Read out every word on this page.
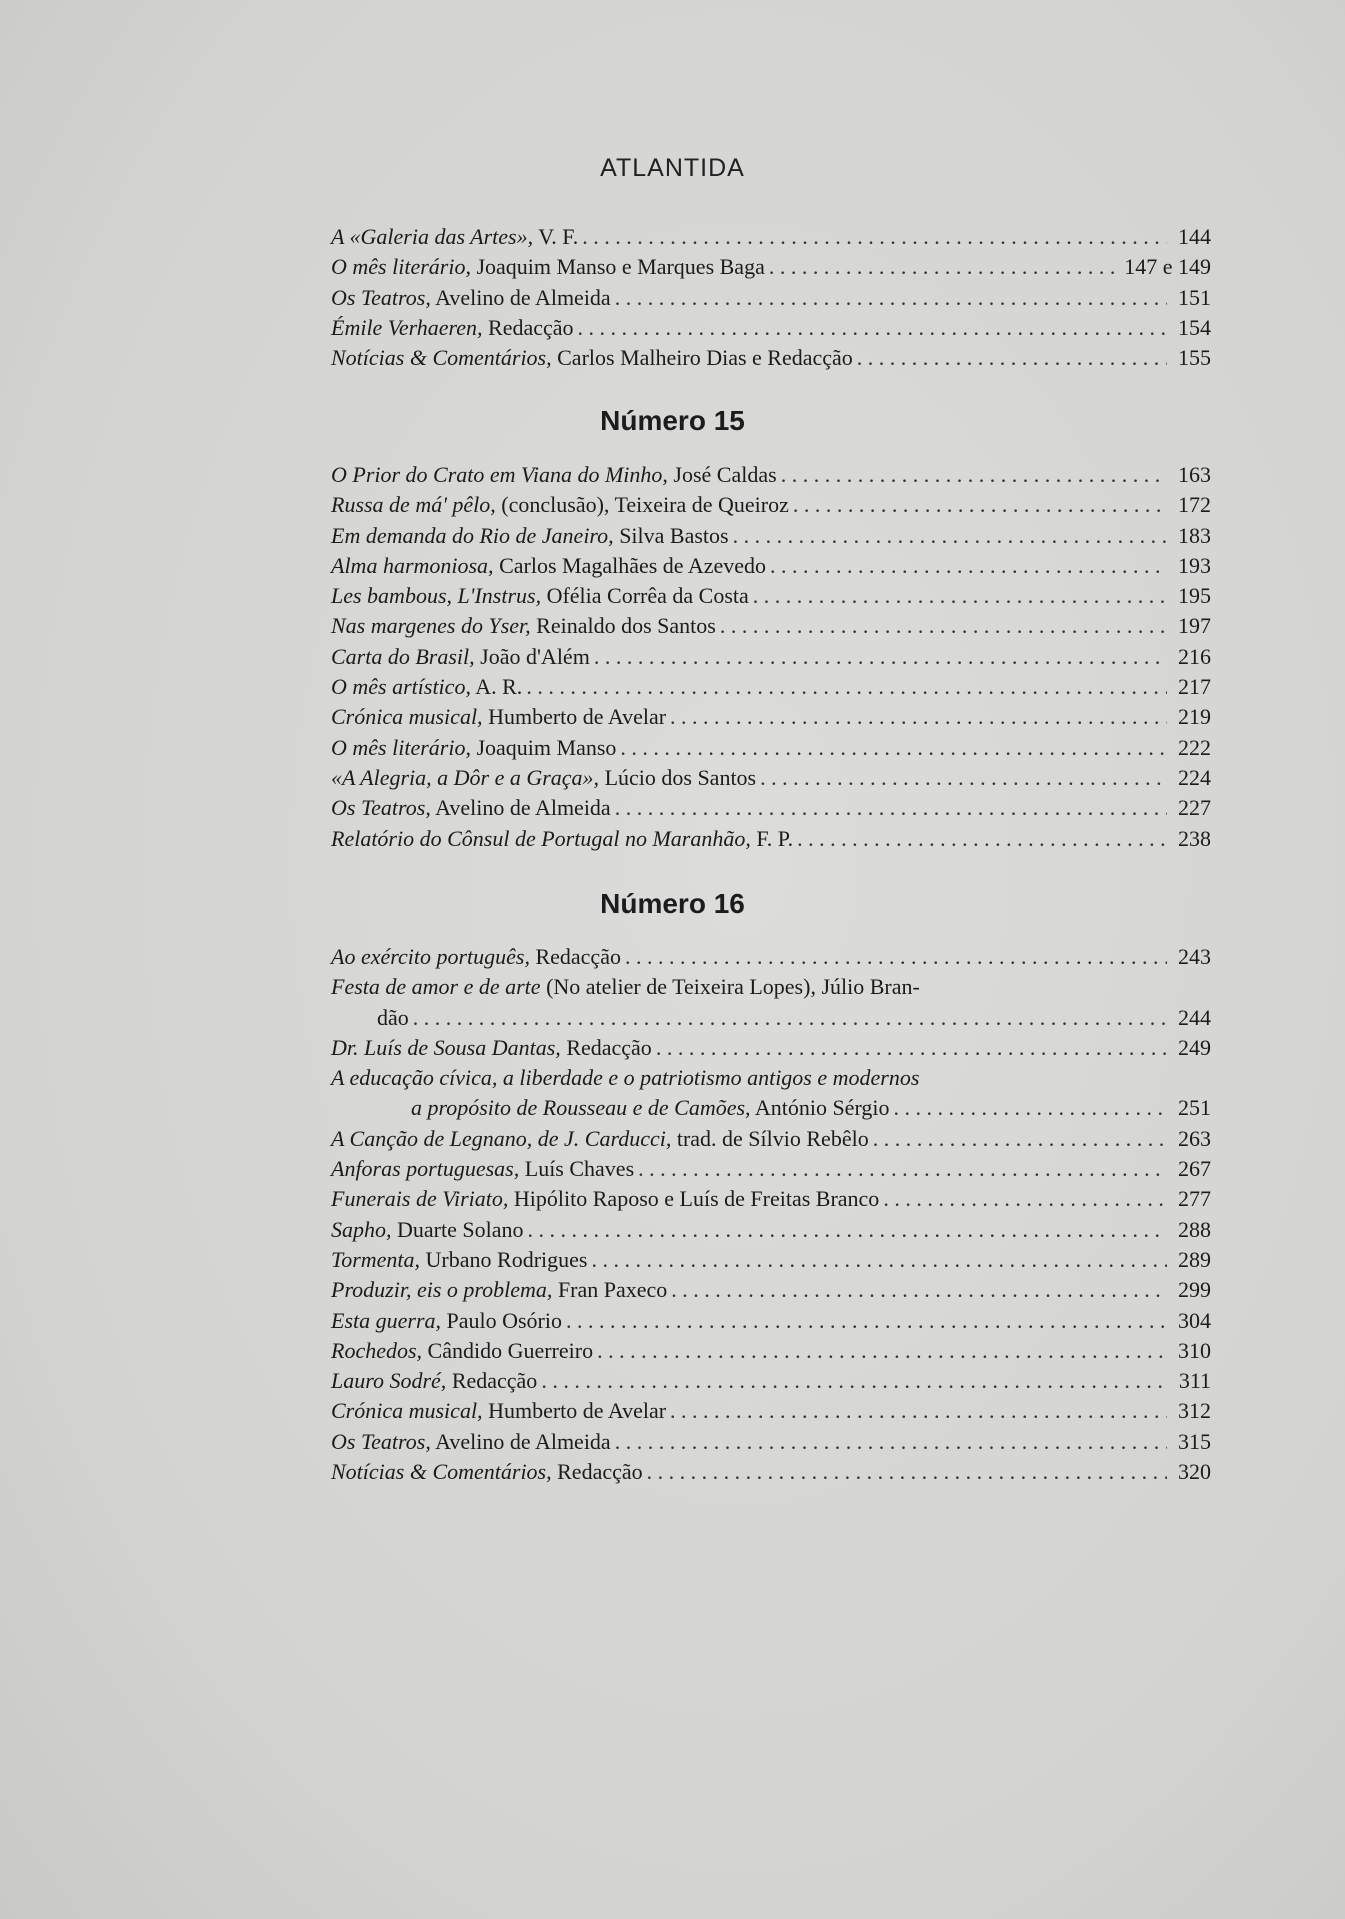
ATLANTIDA
A «Galeria das Artes», V. F. . . .	144
O mês literário, Joaquim Manso e Marques Baga . . .	147 e 149
Os Teatros, Avelino de Almeida . . .	151
Émile Verhaeren, Redacção . . .	154
Notícias & Comentários, Carlos Malheiro Dias e Redacção . . .	155
Número 15
O Prior do Crato em Viana do Minho, José Caldas . . .	163
Russa de má' pêlo, (conclusão), Teixeira de Queiroz . . .	172
Em demanda do Rio de Janeiro, Silva Bastos . . .	183
Alma harmoniosa, Carlos Magalhães de Azevedo . . .	193
Les bambous, L'Instrus, Ofélia Corrêa da Costa . . .	195
Nas margenes do Yser, Reinaldo dos Santos . . .	197
Carta do Brasil, João d'Além . . .	216
O mês artístico, A. R. . . .	217
Crónica musical, Humberto de Avelar . . .	219
O mês literário, Joaquim Manso . . .	222
«A Alegria, a Dôr e a Graça», Lúcio dos Santos . . .	224
Os Teatros, Avelino de Almeida . . .	227
Relatório do Cônsul de Portugal no Maranhão, F. P. . . .	238
Número 16
Ao exército português, Redacção . . .	243
Festa de amor e de arte (No atelier de Teixeira Lopes), Júlio Bran-
dão . . .	244
Dr. Luís de Sousa Dantas, Redacção . . .	249
A educação cívica, a liberdade e o patriotismo antigos e modernos
a propósito de Rousseau e de Camões, António Sérgio . . .	251
A Canção de Legnano, de J. Carducci, trad. de Sílvio Rebêlo . . .	263
Anforas portuguesas, Luís Chaves . . .	267
Funerais de Viriato, Hipólito Raposo e Luís de Freitas Branco . . .	277
Sapho, Duarte Solano . . .	288
Tormenta, Urbano Rodrigues . . .	289
Produzir, eis o problema, Fran Paxeco . . .	299
Esta guerra, Paulo Osório . . .	304
Rochedos, Cândido Guerreiro . . .	310
Lauro Sodré, Redacção . . .	311
Crónica musical, Humberto de Avelar . . .	312
Os Teatros, Avelino de Almeida . . .	315
Notícias & Comentários, Redacção . . .	320
